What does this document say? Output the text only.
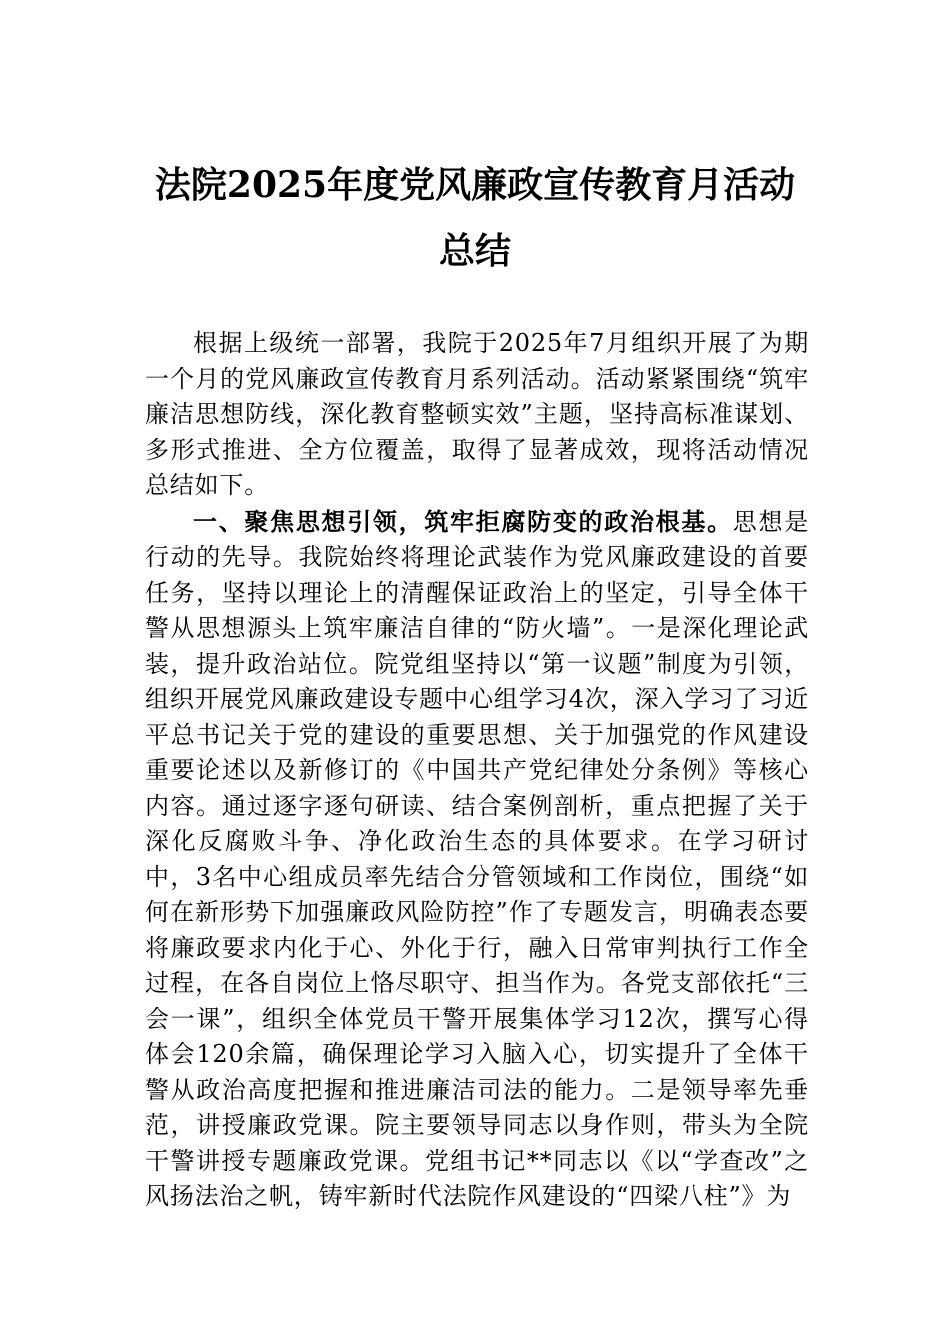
法院2025年度党风廉政宣传教育月活动总结

根据上级统一部署，我院于2025年7月组织开展了为期一个月的党风廉政宣传教育月系列活动。活动紧紧围绕“筑牢廉洁思想防线，深化教育整顿实效”主题，坚持高标准谋划、多形式推进、全方位覆盖，取得了显著成效，现将活动情况总结如下。

一、聚焦思想引领，筑牢拒腐防变的政治根基。思想是行动的先导。我院始终将理论武装作为党风廉政建设的首要任务，坚持以理论上的清醒保证政治上的坚定，引导全体干警从思想源头上筑牢廉洁自律的“防火墙”。一是深化理论武装，提升政治站位。院党组坚持以“第一议题”制度为引领，组织开展党风廉政建设专题中心组学习4次，深入学习了习近平总书记关于党的建设的重要思想、关于加强党的作风建设重要论述以及新修订的《中国共产党纪律处分条例》等核心内容。通过逐字逐句研读、结合案例剖析，重点把握了关于深化反腐败斗争、净化政治生态的具体要求。在学习研讨中，3名中心组成员率先结合分管领域和工作岗位，围绕“如何在新形势下加强廉政风险防控”作了专题发言，明确表态要将廉政要求内化于心、外化于行，融入日常审判执行工作全过程，在各自岗位上恪尽职守、担当作为。各党支部依托“三会一课”，组织全体党员干警开展集体学习12次，撰写心得体会120余篇，确保理论学习入脑入心，切实提升了全体干警从政治高度把握和推进廉洁司法的能力。二是领导率先垂范，讲授廉政党课。院主要领导同志以身作则，带头为全院干警讲授专题廉政党课。党组书记**同志以《以“学查改”之风扬法治之帆，铸牢新时代法院作风建设的“四梁八柱”》为
